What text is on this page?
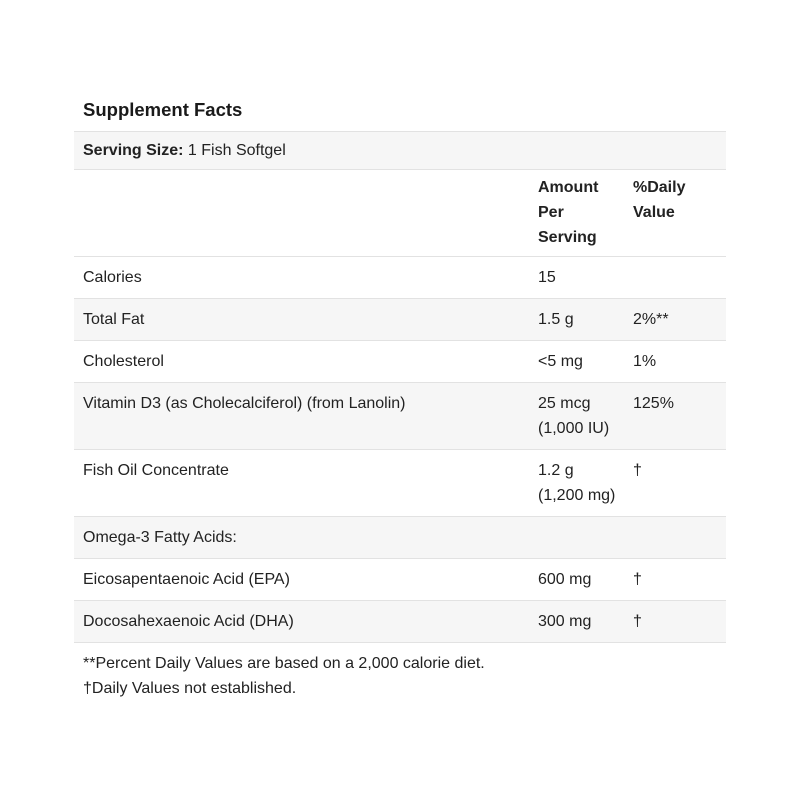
Supplement Facts
Serving Size: 1 Fish Softgel
	Amount Per Serving	%Daily Value
Calories	15	
Total Fat	1.5 g	2%**
Cholesterol	<5 mg	1%
Vitamin D3 (as Cholecalciferol) (from Lanolin)	25 mcg (1,000 IU)	125%
Fish Oil Concentrate	1.2 g (1,200 mg)	†
Omega-3 Fatty Acids:		
Eicosapentaenoic Acid (EPA)	600 mg	†
Docosahexaenoic Acid (DHA)	300 mg	†
**Percent Daily Values are based on a 2,000 calorie diet.
†Daily Values not established.
